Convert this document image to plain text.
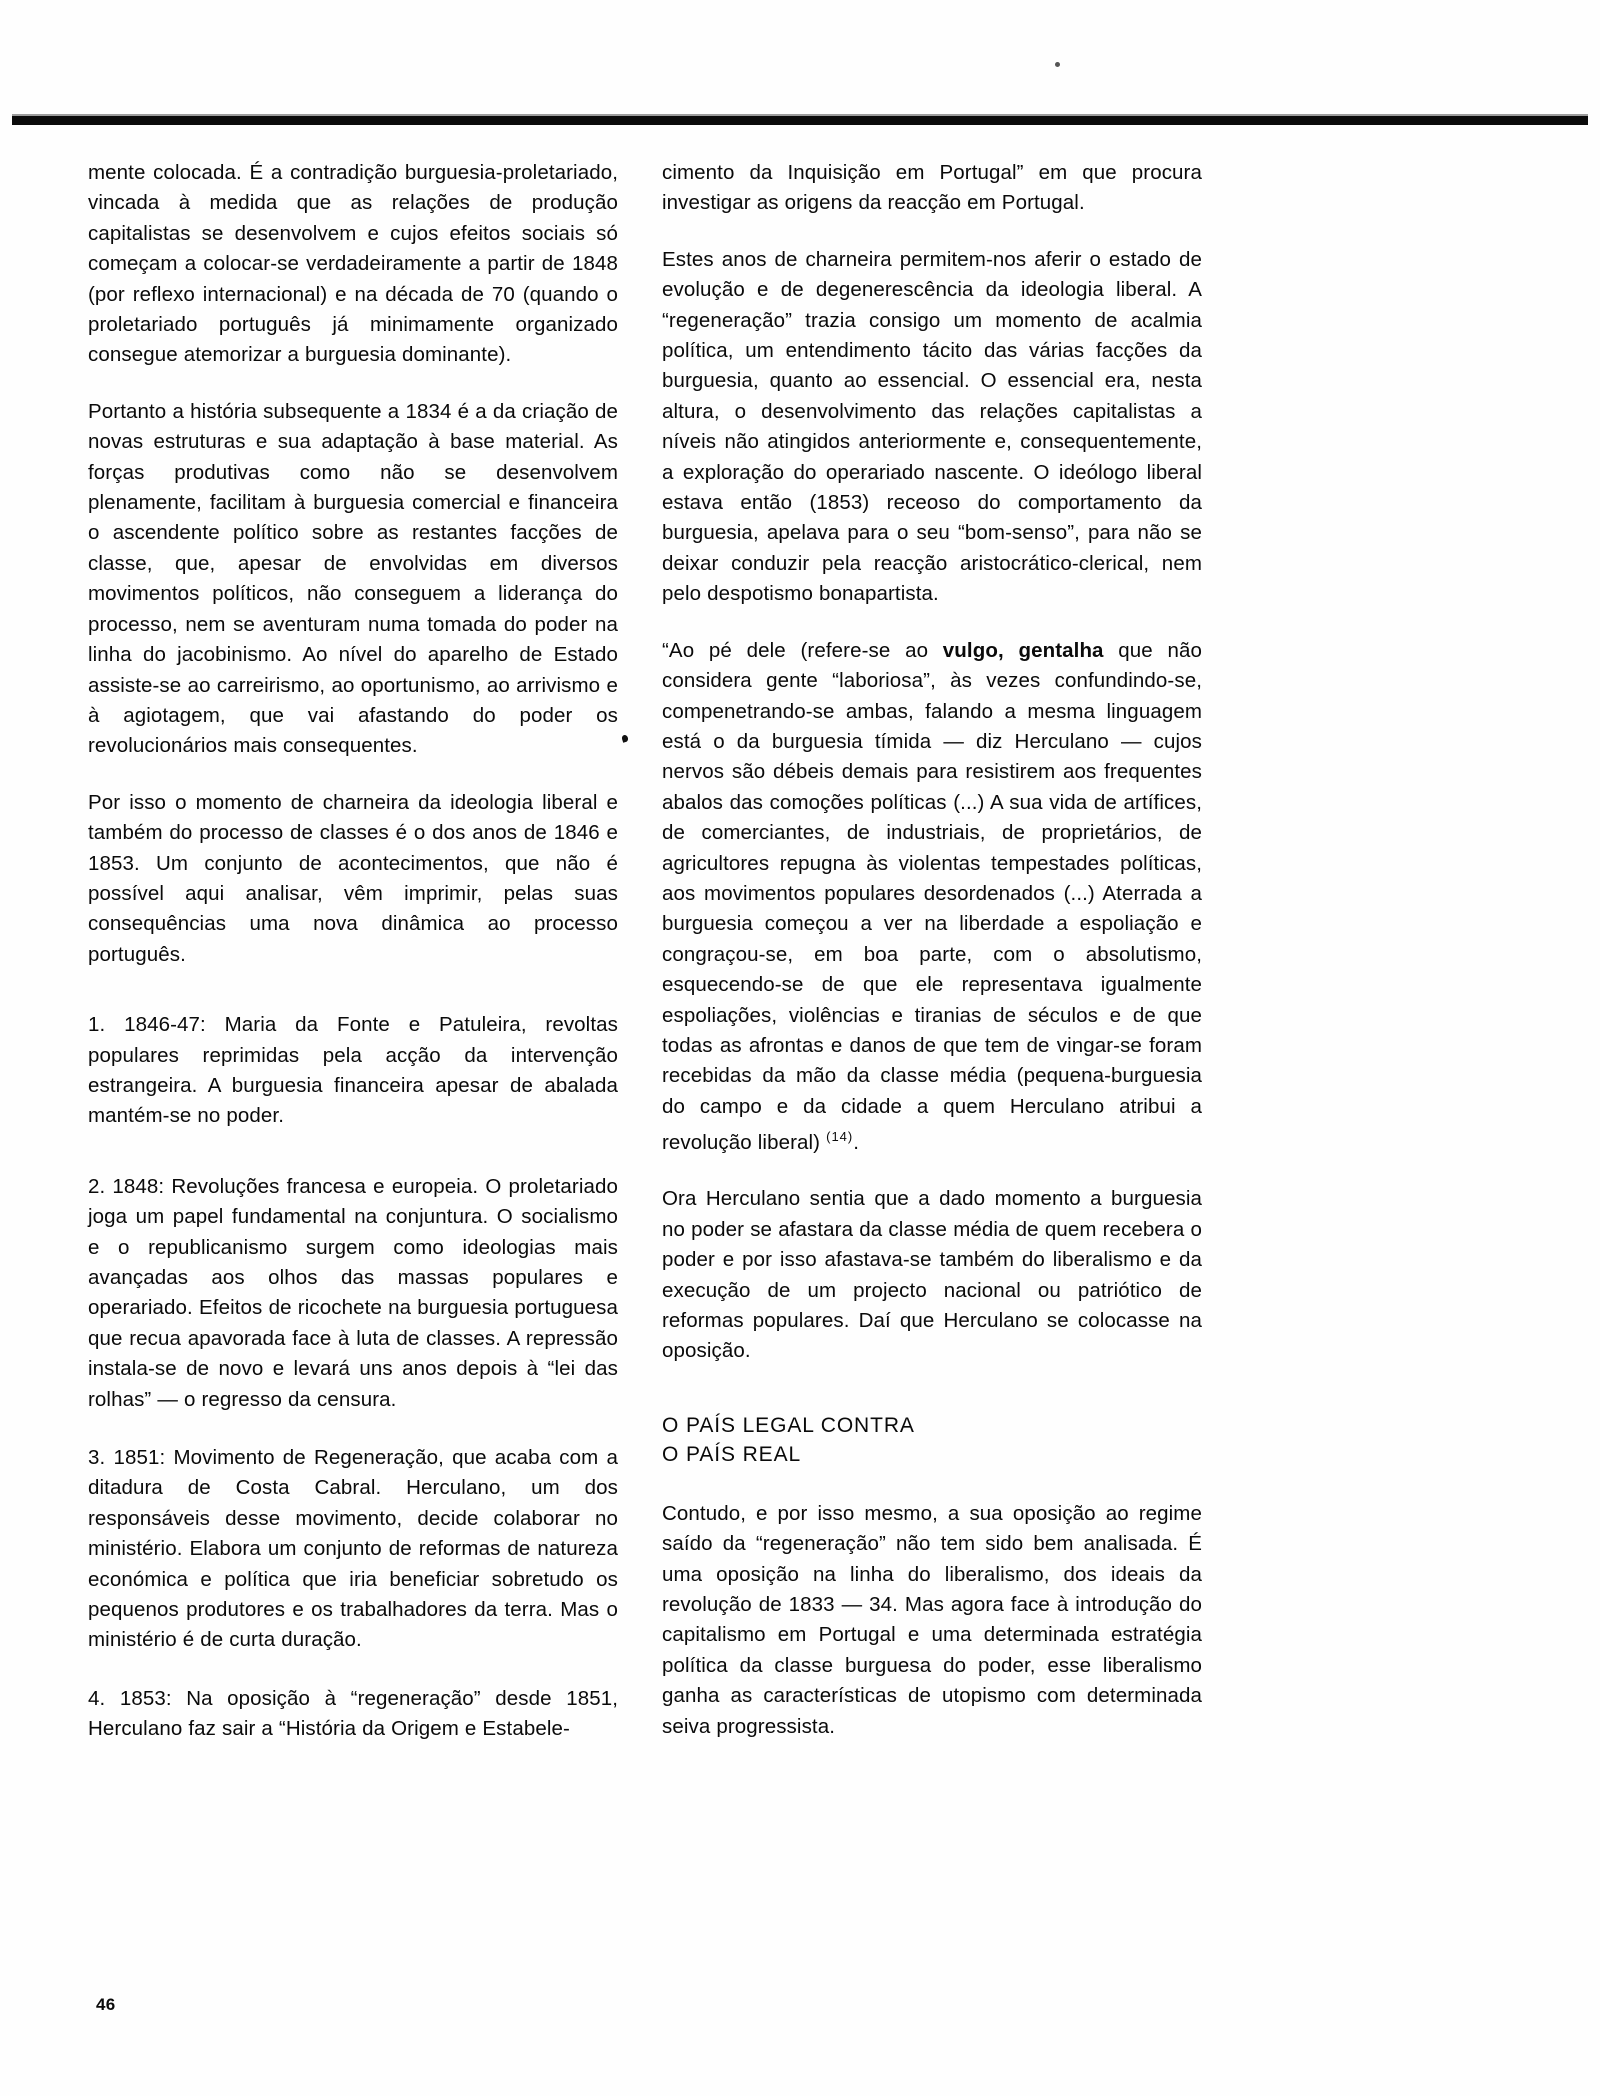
mente colocada. É a contradição burguesia-proletariado, vincada à medida que as relações de produção capitalistas se desenvolvem e cujos efeitos sociais só começam a colocar-se verdadeiramente a partir de 1848 (por reflexo internacional) e na década de 70 (quando o proletariado português já minimamente organizado consegue atemorizar a burguesia dominante).

Portanto a história subsequente a 1834 é a da criação de novas estruturas e sua adaptação à base material. As forças produtivas como não se desenvolvem plenamente, facilitam à burguesia comercial e financeira o ascendente político sobre as restantes facções de classe, que, apesar de envolvidas em diversos movimentos políticos, não conseguem a liderança do processo, nem se aventuram numa tomada do poder na linha do jacobinismo. Ao nível do aparelho de Estado assiste-se ao carreirismo, ao oportunismo, ao arrivismo e à agiotagem, que vai afastando do poder os revolucionários mais consequentes.

Por isso o momento de charneira da ideologia liberal e também do processo de classes é o dos anos de 1846 e 1853. Um conjunto de acontecimentos, que não é possível aqui analisar, vêm imprimir, pelas suas consequências uma nova dinâmica ao processo português.

1. 1846-47: Maria da Fonte e Patuleira, revoltas populares reprimidas pela acção da intervenção estrangeira. A burguesia financeira apesar de abalada mantém-se no poder.

2. 1848: Revoluções francesa e europeia. O proletariado joga um papel fundamental na conjuntura. O socialismo e o republicanismo surgem como ideologias mais avançadas aos olhos das massas populares e operariado. Efeitos de ricochete na burguesia portuguesa que recua apavorada face à luta de classes. A repressão instala-se de novo e levará uns anos depois à “lei das rolhas” — o regresso da censura.

3. 1851: Movimento de Regeneração, que acaba com a ditadura de Costa Cabral. Herculano, um dos responsáveis desse movimento, decide colaborar no ministério. Elabora um conjunto de reformas de natureza económica e política que iria beneficiar sobretudo os pequenos produtores e os trabalhadores da terra. Mas o ministério é de curta duração.

4. 1853: Na oposição à “regeneração” desde 1851, Herculano faz sair a “História da Origem e Estabele-

cimento da Inquisição em Portugal” em que procura investigar as origens da reacção em Portugal.

Estes anos de charneira permitem-nos aferir o estado de evolução e de degenerescência da ideologia liberal. A “regeneração” trazia consigo um momento de acalmia política, um entendimento tácito das várias facções da burguesia, quanto ao essencial. O essencial era, nesta altura, o desenvolvimento das relações capitalistas a níveis não atingidos anteriormente e, consequentemente, a exploração do operariado nascente. O ideólogo liberal estava então (1853) receoso do comportamento da burguesia, apelava para o seu “bom-senso”, para não se deixar conduzir pela reacção aristocrático-clerical, nem pelo despotismo bonapartista.

“Ao pé dele (refere-se ao vulgo, gentalha que não considera gente “laboriosa”, às vezes confundindo-se, compenetrando-se ambas, falando a mesma linguagem está o da burguesia tímida — diz Herculano — cujos nervos são débeis demais para resistirem aos frequentes abalos das comoções políticas (...) A sua vida de artífices, de comerciantes, de industriais, de proprietários, de agricultores repugna às violentas tempestades políticas, aos movimentos populares desordenados (...) Aterrada a burguesia começou a ver na liberdade a espoliação e congraçou-se, em boa parte, com o absolutismo, esquecendo-se de que ele representava igualmente espoliações, violências e tiranias de séculos e de que todas as afrontas e danos de que tem de vingar-se foram recebidas da mão da classe média (pequena-burguesia do campo e da cidade a quem Herculano atribui a revolução liberal) $^{(14)}$.

Ora Herculano sentia que a dado momento a burguesia no poder se afastara da classe média de quem recebera o poder e por isso afastava-se também do liberalismo e da execução de um projecto nacional ou patriótico de reformas populares. Daí que Herculano se colocasse na oposição.

O PAÍS LEGAL CONTRA
O PAÍS REAL

Contudo, e por isso mesmo, a sua oposição ao regime saído da “regeneração” não tem sido bem analisada. É uma oposição na linha do liberalismo, dos ideais da revolução de 1833 — 34. Mas agora face à introdução do capitalismo em Portugal e uma determinada estratégia política da classe burguesa do poder, esse liberalismo ganha as características de utopismo com determinada seiva progressista.

46
